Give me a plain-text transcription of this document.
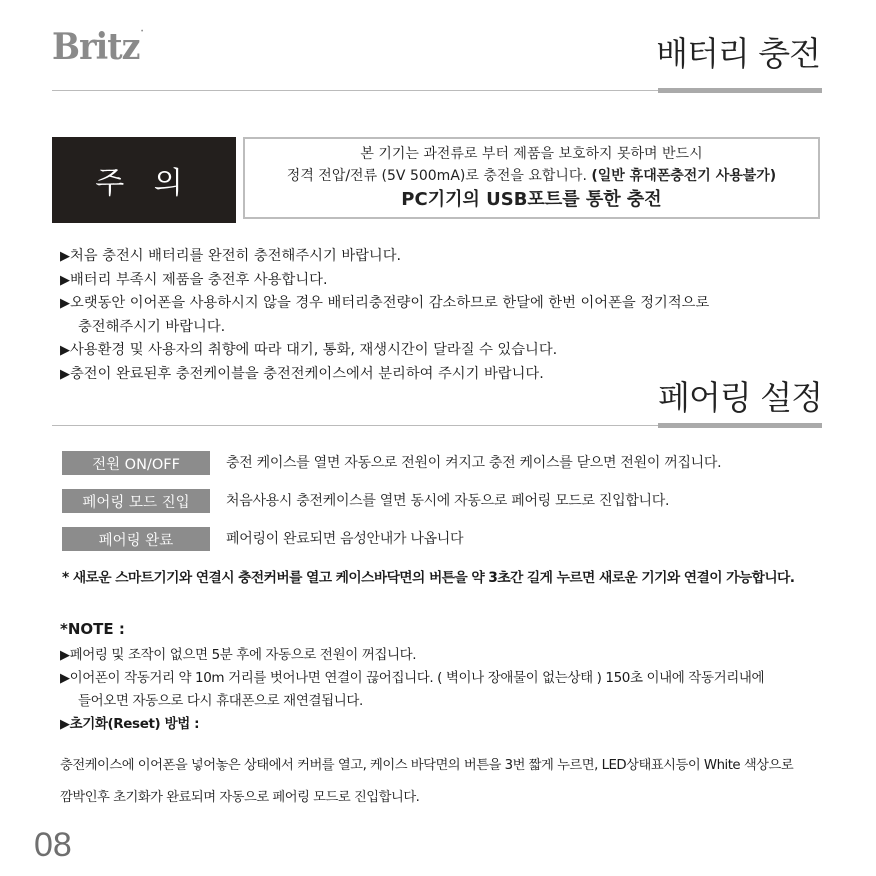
Britz·
배터리 충전
주 의
본 기기는 과전류로 부터 제품을 보호하지 못하며 반드시
정격 전압/전류 (5V 500mA)로 충전을 요합니다. (일반 휴대폰충전기 사용불가)
PC기기의 USB포트를 통한 충전
▶ 처음 충전시 배터리를 완전히 충전해주시기 바랍니다.
▶ 배터리 부족시 제품을 충전후 사용합니다.
▶ 오랫동안 이어폰을 사용하시지 않을 경우 배터리충전량이 감소하므로 한달에 한번 이어폰을 정기적으로
충전해주시기 바랍니다.
▶ 사용환경 및 사용자의 취향에 따라 대기, 통화, 재생시간이 달라질 수 있습니다.
▶ 충전이 완료된후 충전케이블을 충전전케이스에서 분리하여 주시기 바랍니다.
페어링 설정
전원 ON/OFF	충전 케이스를 열면 자동으로 전원이 켜지고 충전 케이스를 닫으면 전원이 꺼집니다.
페어링 모드 진입	처음사용시 충전케이스를 열면 동시에 자동으로 페어링 모드로 진입합니다.
페어링 완료	페어링이 완료되면 음성안내가 나옵니다
* 새로운 스마트기기와 연결시 충전커버를 열고 케이스바닥면의 버튼을 약 3초간 길게 누르면 새로운 기기와 연결이 가능합니다.
*NOTE :
▶ 페어링 및 조작이 없으면 5분 후에 자동으로 전원이 꺼집니다.
▶ 이어폰이 작동거리 약 10m 거리를 벗어나면 연결이 끊어집니다. ( 벽이나 장애물이 없는상태 ) 150초 이내에 작동거리내에
들어오면 자동으로 다시 휴대폰으로 재연결됩니다.
▶ 초기화(Reset) 방법 :
충전케이스에 이어폰을 넣어놓은 상태에서 커버를 열고, 케이스 바닥면의 버튼을 3번 짧게 누르면, LED상태표시등이 White 색상으로
깜박인후 초기화가 완료되며 자동으로 페어링 모드로 진입합니다.
08
